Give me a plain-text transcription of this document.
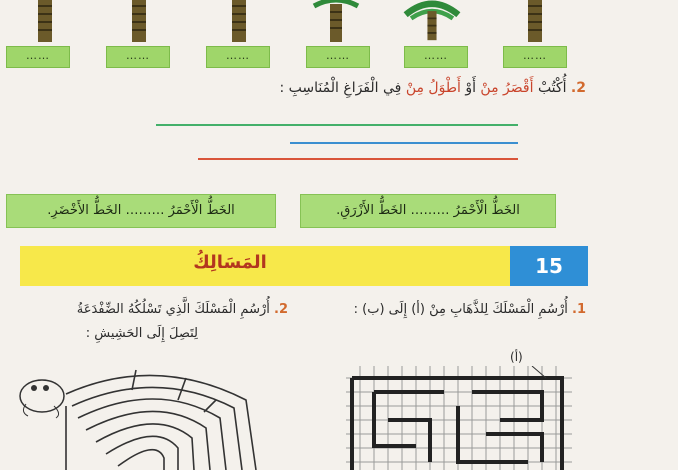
……	……	……	……	……	……
2. أُكْتُبْ أَقْصَرُ مِنْ أَوْ أَطْوَلُ مِنْ فِي الْفَرَاغِ الْمُنَاسِبِ :
الخَطُّ الْأَحْمَرُ ……… الخَطُّ الأَزْرَقِ.
الخَطُّ الْأَحْمَرُ ……… الخَطُّ الأَخْضَرِ.
المَسَالِكُ	15
1. أُرْسُمِ الْمَسْلَكَ لِلذَّهَابِ مِنْ (أ) إِلَى (ب) :
2. أُرْسُمِ الْمَسْلَكَ الَّذِي تَسْلُكُهُ الضِّفْدَعَةُ
لِتَصِلَ إِلَى الحَشِيشِ :
(أ)
